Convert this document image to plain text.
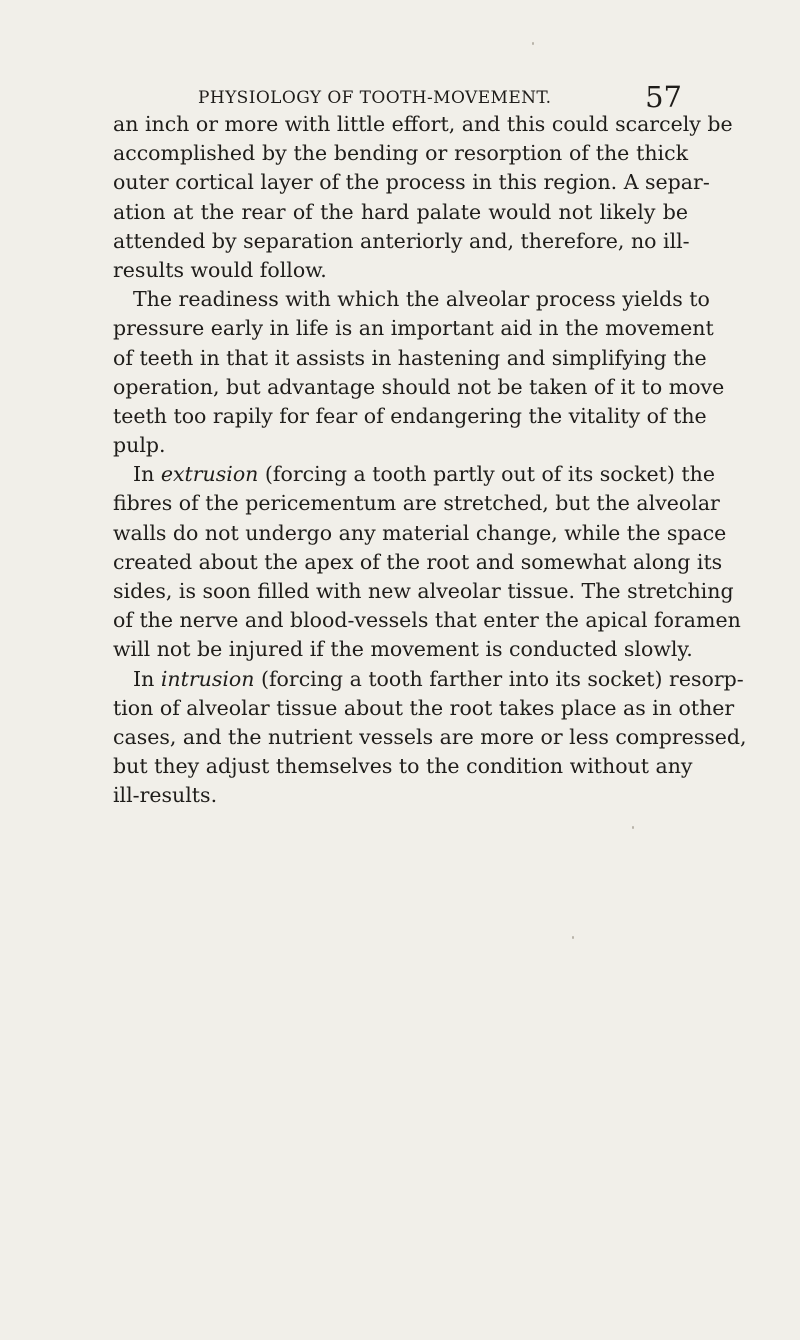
PHYSIOLOGY OF TOOTH-MOVEMENT.	57
an inch or more with little effort, and this could scarcely be
accomplished by the bending or resorption of the thick
outer cortical layer of the process in this region. A separ-
ation at the rear of the hard palate would not likely be
attended by separation anteriorly and, therefore, no ill-
results would follow.
The readiness with which the alveolar process yields to
pressure early in life is an important aid in the movement
of teeth in that it assists in hastening and simplifying the
operation, but advantage should not be taken of it to move
teeth too rapily for fear of endangering the vitality of the
pulp.
In extrusion (forcing a tooth partly out of its socket) the
fibres of the pericementum are stretched, but the alveolar
walls do not undergo any material change, while the space
created about the apex of the root and somewhat along its
sides, is soon filled with new alveolar tissue. The stretching
of the nerve and blood-vessels that enter the apical foramen
will not be injured if the movement is conducted slowly.
In intrusion (forcing a tooth farther into its socket) resorp-
tion of alveolar tissue about the root takes place as in other
cases, and the nutrient vessels are more or less compressed,
but they adjust themselves to the condition without any
ill-results.
